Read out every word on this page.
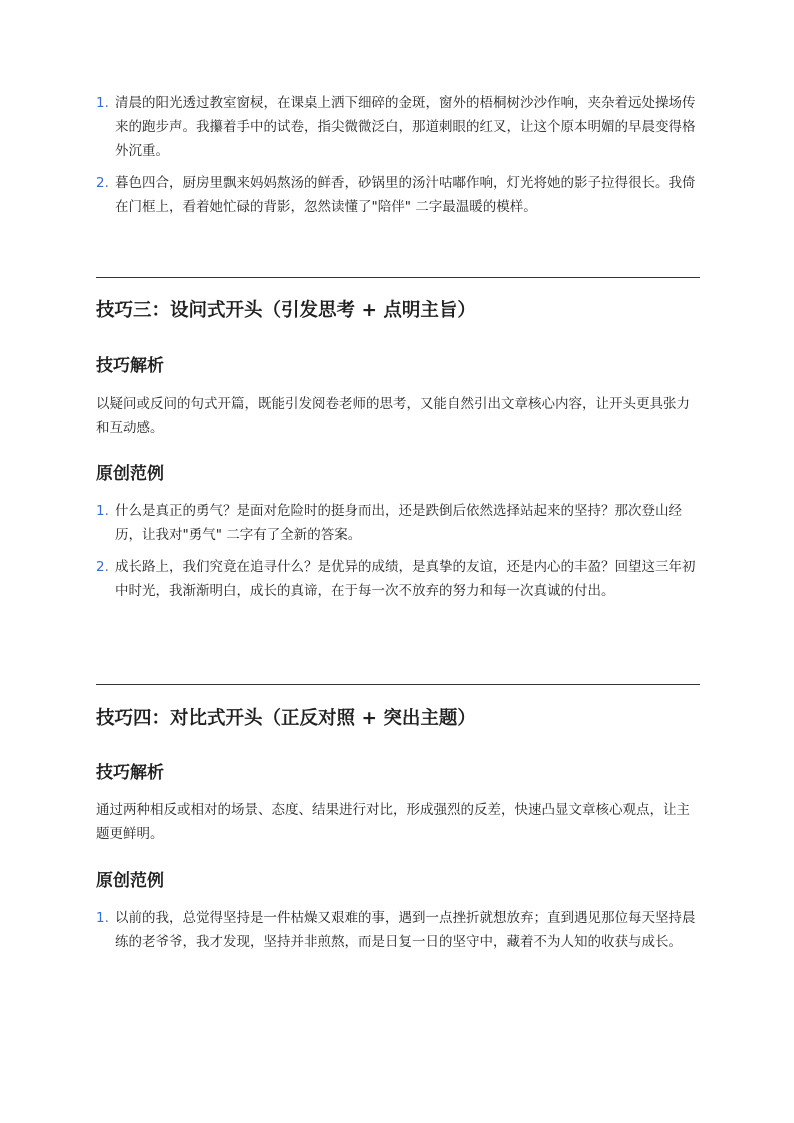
1. 清晨的阳光透过教室窗棂，在课桌上洒下细碎的金斑，窗外的梧桐树沙沙作响，夹杂着远处操场传来的跑步声。我攥着手中的试卷，指尖微微泛白，那道刺眼的红叉，让这个原本明媚的早晨变得格外沉重。
2. 暮色四合，厨房里飘来妈妈熬汤的鲜香，砂锅里的汤汁咕嘟作响，灯光将她的影子拉得很长。我倚在门框上，看着她忙碌的背影，忽然读懂了"陪伴" 二字最温暖的模样。
技巧三：设问式开头（引发思考 + 点明主旨）
技巧解析
以疑问或反问的句式开篇，既能引发阅卷老师的思考，又能自然引出文章核心内容，让开头更具张力和互动感。
原创范例
1. 什么是真正的勇气？是面对危险时的挺身而出，还是跌倒后依然选择站起来的坚持？那次登山经历，让我对"勇气" 二字有了全新的答案。
2. 成长路上，我们究竟在追寻什么？是优异的成绩，是真挚的友谊，还是内心的丰盈？回望这三年初中时光，我渐渐明白，成长的真谛，在于每一次不放弃的努力和每一次真诚的付出。
技巧四：对比式开头（正反对照 + 突出主题）
技巧解析
通过两种相反或相对的场景、态度、结果进行对比，形成强烈的反差，快速凸显文章核心观点，让主题更鲜明。
原创范例
1. 以前的我，总觉得坚持是一件枯燥又艰难的事，遇到一点挫折就想放弃；直到遇见那位每天坚持晨练的老爷爷，我才发现，坚持并非煎熬，而是日复一日的坚守中，藏着不为人知的收获与成长。
